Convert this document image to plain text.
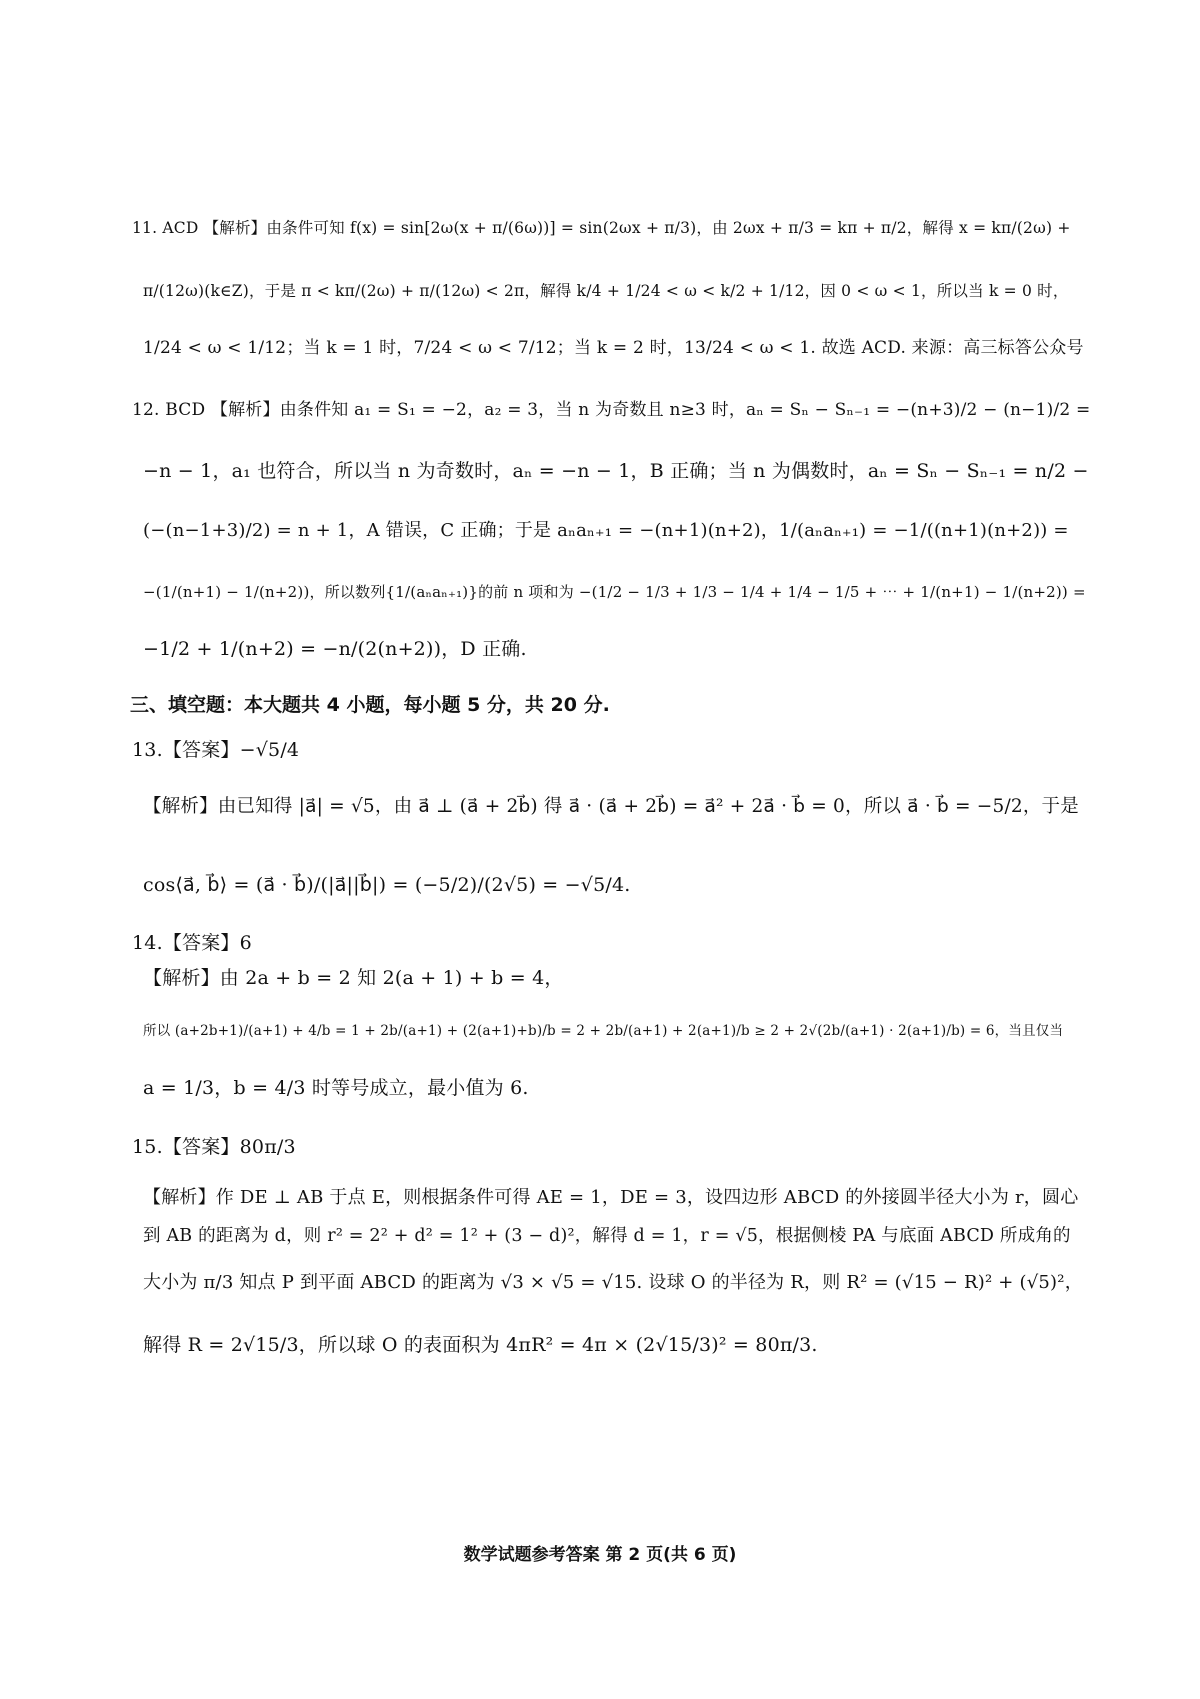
11. ACD 【解析】由条件可知 f(x) = sin[2ω(x + π/(6ω))] = sin(2ωx + π/3)，由 2ωx + π/3 = kπ + π/2，解得 x = kπ/(2ω) +
π/(12ω)(k∈Z)，于是 π < kπ/(2ω) + π/(12ω) < 2π，解得 k/4 + 1/24 < ω < k/2 + 1/12，因 0 < ω < 1，所以当 k = 0 时，
1/24 < ω < 1/12；当 k = 1 时，7/24 < ω < 7/12；当 k = 2 时，13/24 < ω < 1. 故选 ACD. 来源：高三标答公众号
12. BCD 【解析】由条件知 a₁ = S₁ = −2，a₂ = 3，当 n 为奇数且 n≥3 时，aₙ = Sₙ − Sₙ₋₁ = −(n+3)/2 − (n−1)/2 =
−n − 1，a₁ 也符合，所以当 n 为奇数时，aₙ = −n − 1，B 正确；当 n 为偶数时，aₙ = Sₙ − Sₙ₋₁ = n/2 −
(−(n−1+3)/2) = n + 1，A 错误，C 正确；于是 aₙaₙ₊₁ = −(n+1)(n+2)，1/(aₙaₙ₊₁) = −1/((n+1)(n+2)) =
−(1/(n+1) − 1/(n+2))，所以数列{1/(aₙaₙ₊₁)}的前 n 项和为 −(1/2 − 1/3 + 1/3 − 1/4 + 1/4 − 1/5 + ⋯ + 1/(n+1) − 1/(n+2)) =
−1/2 + 1/(n+2) = −n/(2(n+2))，D 正确.
三、填空题：本大题共 4 小题，每小题 5 分，共 20 分.
13.【答案】−√5/4
【解析】由已知得 |a⃗| = √5，由 a⃗ ⊥ (a⃗ + 2b⃗) 得 a⃗ · (a⃗ + 2b⃗) = a⃗² + 2a⃗ · b⃗ = 0，所以 a⃗ · b⃗ = −5/2，于是
cos⟨a⃗, b⃗⟩ = (a⃗ · b⃗)/(|a⃗||b⃗|) = (−5/2)/(2√5) = −√5/4.
14.【答案】6
【解析】由 2a + b = 2 知 2(a + 1) + b = 4，
所以 (a+2b+1)/(a+1) + 4/b = 1 + 2b/(a+1) + (2(a+1)+b)/b = 2 + 2b/(a+1) + 2(a+1)/b ≥ 2 + 2√(2b/(a+1) · 2(a+1)/b) = 6，当且仅当
a = 1/3，b = 4/3 时等号成立，最小值为 6.
15.【答案】80π/3
【解析】作 DE ⊥ AB 于点 E，则根据条件可得 AE = 1，DE = 3，设四边形 ABCD 的外接圆半径大小为 r，圆心
到 AB 的距离为 d，则 r² = 2² + d² = 1² + (3 − d)²，解得 d = 1，r = √5，根据侧棱 PA 与底面 ABCD 所成角的
大小为 π/3 知点 P 到平面 ABCD 的距离为 √3 × √5 = √15. 设球 O 的半径为 R，则 R² = (√15 − R)² + (√5)²，
解得 R = 2√15/3，所以球 O 的表面积为 4πR² = 4π × (2√15/3)² = 80π/3.
数学试题参考答案 第 2 页(共 6 页)
